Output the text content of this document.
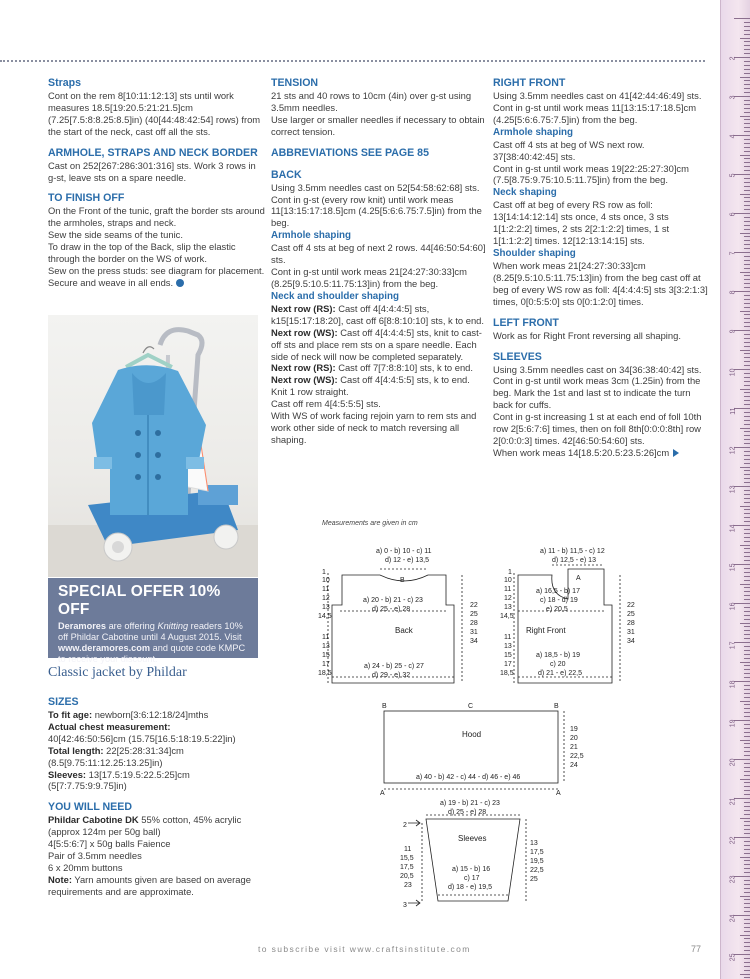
Straps

Cont on the rem 8[10:11:12:13] sts until work measures 18.5[19:20.5:21:21.5]cm (7.25[7.5:8:8.25:8.5]in) (40[44:48:42:54] rows) from the start of the neck, cast off all the sts.

ARMHOLE, STRAPS AND NECK BORDER

Cast on 252[267:286:301:316] sts. Work 3 rows in g-st, leave sts on a spare needle.

TO FINISH OFF

On the Front of the tunic, graft the border sts around the armholes, straps and neck.

Sew the side seams of the tunic.

To draw in the top of the Back, slip the elastic through the border on the WS of work.

Sew on the press studs: see diagram for placement. Secure and weave in all ends.

SPECIAL OFFER 10% OFF
Deramores are offering Knitting readers 10% off Phildar Cabotine until 4 August 2015. Visit www.deramores.com and quote code KMPC to receive your discount.
Classic jacket by Phildar
SIZES

To fit age: newborn[3:6:12:18/24]mths

Actual chest measurement:

40[42:46:50:56]cm (15.75[16.5:18:19.5:22]in)

Total length: 22[25:28:31:34]cm (8.5[9.75:11:12.25:13.25]in)

Sleeves: 13[17.5:19.5:22.5:25]cm (5[7:7.75:9:9.75]in)

YOU WILL NEED

Phildar Cabotine DK 55% cotton, 45% acrylic (approx 124m per 50g ball)

4[5:5:6:7] x 50g balls Faience

Pair of 3.5mm needles

6 x 20mm buttons

Note: Yarn amounts given are based on average requirements and are approximate.

TENSION

21 sts and 40 rows to 10cm (4in) over g-st using 3.5mm needles.

Use larger or smaller needles if necessary to obtain correct tension.

ABBREVIATIONS SEE PAGE 85
BACK

Using 3.5mm needles cast on 52[54:58:62:68] sts.

Cont in g-st (every row knit) until work meas 11[13:15:17:18.5]cm (4.25[5:6:6.75:7.5]in) from the beg.

Armhole shaping

Cast off 4 sts at beg of next 2 rows. 44[46:50:54:60] sts.

Cont in g-st until work meas 21[24:27:30:33]cm (8.25[9.5:10.5:11.75:13]in) from the beg.

Neck and shoulder shaping

Next row (RS): Cast off 4[4:4:4:5] sts, k15[15:17:18:20], cast off 6[8:8:10:10] sts, k to end.

Next row (WS): Cast off 4[4:4:4:5] sts, knit to cast-off sts and place rem sts on a spare needle. Each side of neck will now be completed separately.

Next row (RS): Cast off 7[7:8:8:10] sts, k to end.

Next row (WS): Cast off 4[4:4:5:5] sts, k to end.

Knit 1 row straight.

Cast off rem 4[4:5:5:5] sts.

With WS of work facing rejoin yarn to rem sts and work other side of neck to match reversing all shaping.

RIGHT FRONT

Using 3.5mm needles cast on 41[42:44:46:49] sts.

Cont in g-st until work meas 11[13:15:17:18.5]cm (4.25[5:6:6.75:7.5]in) from the beg.

Armhole shaping

Cast off 4 sts at beg of WS next row. 37[38:40:42:45] sts.

Cont in g-st until work meas 19[22:25:27:30]cm (7.5[8.75:9.75:10.5:11.75]in) from the beg.

Neck shaping

Cast off at beg of every RS row as foll: 13[14:14:12:14] sts once, 4 sts once, 3 sts 1[1:2:2:2] times, 2 sts 2[2:1:2:2] times, 1 st 1[1:1:2:2] times. 12[12:13:14:15] sts.

Shoulder shaping

When work meas 21[24:27:30:33]cm (8.25[9.5:10.5:11.75:13]in) from the beg cast off at beg of every WS row as foll: 4[4:4:4:5] sts 3[3:2:1:3] times, 0[0:5:5:0] sts 0[0:1:2:0] times.

LEFT FRONT

Work as for Right Front reversing all shaping.

SLEEVES

Using 3.5mm needles cast on 34[36:38:40:42] sts.

Cont in g-st until work meas 3cm (1.25in) from the beg. Mark the 1st and last st to indicate the turn back for cuffs.

Cont in g-st increasing 1 st at each end of foll 10th row 2[5:6:7:6] times, then on foll 8th[0:0:0:8th] row 2[0:0:0:3] times. 42[46:50:54:60] sts.

When work meas 14[18.5:20.5:23.5:26]cm

Measurements are given in cm
a) 0 - b) 10 - c) 11
d) 12 - e) 13,5
B
a) 20 - b) 21 - c) 23
d) 25 - e) 28
Back
a) 24 - b) 25 - c) 27
d) 29 - e) 32
1
10
11
12
13
14,5
11
13
15
17
18,5
22
25
28
31
34
a) 11 - b) 11,5 - c) 12
d) 12,5 - e) 13
A
a) 16,5 - b) 17
c) 18 - d) 19
e) 20,5
Right Front
a) 18,5 - b) 19
c) 20
d) 21 - e) 22,5
1
10
11
12
13
14,5
11
13
15
17
18,5
22
25
28
31
34
B	C	B
A	A
Hood
a) 40 - b) 42 - c) 44 - d) 46 - e) 46
19
20
21
22,5
24
a) 19 - b) 21 - c) 23
d) 25 - e) 28
Sleeves
a) 15 - b) 16
c) 17
d) 18 - e) 19,5
2
3
11
15,5
17,5
20,5
23
13
17,5
19,5
22,5
25
to subscribe visit www.craftsinstitute.com	77
2
3
4
5
6
7
8
9
10
11
12
13
14
15
16
17
18
19
20
21
22
23
24
25
